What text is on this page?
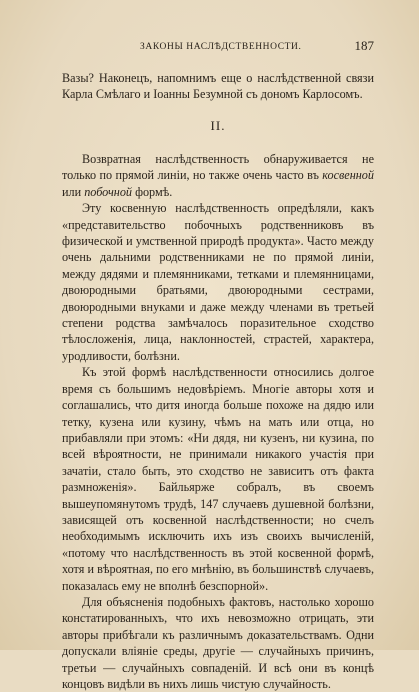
ЗАКОНЫ НАСЛѢДСТВЕННОСТИ.	187

Вазы? Наконецъ, напомнимъ еще о наслѣдственной связи Карла Смѣлаго и Іоанны Безумной съ дономъ Карлосомъ.

II.

Возвратная наслѣдственность обнаруживается не только по прямой линіи, но также очень часто въ косвенной или побочной формѣ.

Эту косвенную наслѣдственность опредѣляли, какъ «представительство побочныхъ родственниковъ въ физической и умственной природѣ продукта». Часто между очень дальними родственниками не по прямой линіи, между дядями и племянниками, тетками и племянницами, двоюродными братьями, двоюродными сестрами, двоюродными внуками и даже между членами въ третьей степени родства замѣчалось поразительное сходство тѣлосложенія, лица, наклонностей, страстей, характера, уродливости, болѣзни.

Къ этой формѣ наслѣдственности относились долгое время съ большимъ недовѣріемъ. Многіе авторы хотя и соглашались, что дитя иногда больше похоже на дядю или тетку, кузена или кузину, чѣмъ на мать или отца, но прибавляли при этомъ: «Ни дядя, ни кузенъ, ни кузина, по всей вѣроятности, не принимали никакого участія при зачатіи, стало быть, это сходство не зависитъ отъ факта размноженія». Байльярже собралъ, въ своемъ вышеупомянутомъ трудѣ, 147 случаевъ душевной болѣзни, зависящей отъ косвенной наслѣдственности; но счелъ необходимымъ исключить ихъ изъ своихъ вычисленій, «потому что наслѣдственность въ этой косвенной формѣ, хотя и вѣроятная, по его мнѣнію, въ большинствѣ случаевъ, показалась ему не вполнѣ безспорной».

Для объясненія подобныхъ фактовъ, настолько хорошо констатированныхъ, что ихъ невозможно отрицать, эти авторы прибѣгали къ различнымъ доказательствамъ. Одни допускали вліяніе среды, другіе — случайныхъ причинъ, третьи — случайныхъ совпаденій. И всѣ они въ концѣ концовъ видѣли въ нихъ лишь чистую случайность.
